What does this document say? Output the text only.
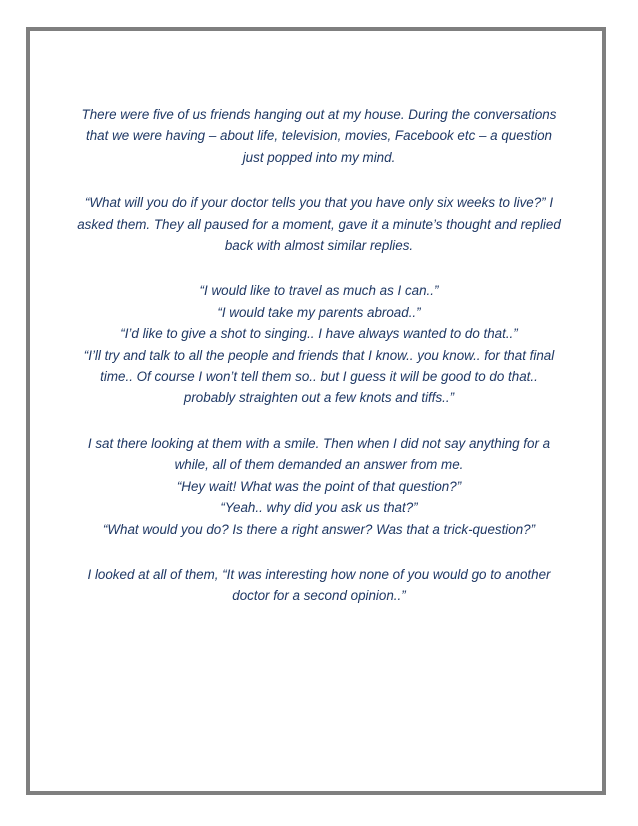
There were five of us friends hanging out at my house. During the conversations
that we were having – about life, television, movies, Facebook etc – a question
just popped into my mind.

“What will you do if your doctor tells you that you have only six weeks to live?” I
asked them. They all paused for a moment, gave it a minute’s thought and replied
back with almost similar replies.

“I would like to travel as much as I can..”
“I would take my parents abroad..”
“I’d like to give a shot to singing.. I have always wanted to do that..”
“I’ll try and talk to all the people and friends that I know.. you know.. for that final
time.. Of course I won’t tell them so.. but I guess it will be good to do that..
probably straighten out a few knots and tiffs..”

I sat there looking at them with a smile. Then when I did not say anything for a
while, all of them demanded an answer from me.
“Hey wait! What was the point of that question?”
“Yeah.. why did you ask us that?”
“What would you do? Is there a right answer? Was that a trick-question?”

I looked at all of them, “It was interesting how none of you would go to another
doctor for a second opinion..”
